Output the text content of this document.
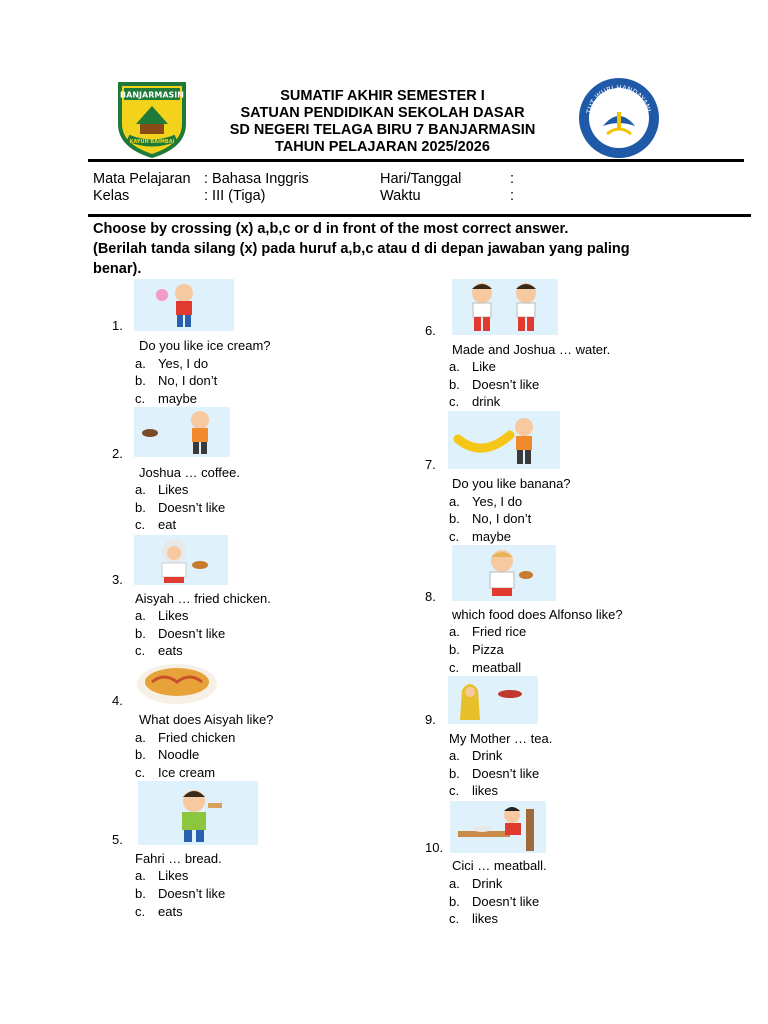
BANJARMASIN
KAYUH BAIMBAI
TUT WURI HANDAYANI
SUMATIF AKHIR SEMESTER I
SATUAN PENDIDIKAN SEKOLAH DASAR
SD NEGERI TELAGA BIRU 7 BANJARMASIN
TAHUN PELAJARAN 2025/2026
Mata Pelajaran : Bahasa Inggris	Hari/Tanggal	:
Kelas	: III (Tiga)	Waktu	:
Choose by crossing (x) a,b,c or d in front of the most correct answer.
(Berilah tanda silang (x) pada huruf a,b,c atau d di depan jawaban yang paling
benar).
1.
Do you like ice cream?
a. Yes, I do
b. No, I don’t
c. maybe
2.
Joshua … coffee.
a. Likes
b. Doesn’t like
c. eat
3.
Aisyah … fried chicken.
a. Likes
b. Doesn’t like
c. eats
4.
What does Aisyah like?
a. Fried chicken
b. Noodle
c. Ice cream
5.
Fahri … bread.
a. Likes
b. Doesn’t like
c. eats
6.
Made and Joshua … water.
a. Like
b. Doesn’t like
c. drink
7.
Do you like banana?
a. Yes, I do
b. No, I don’t
c. maybe
8.
which food does Alfonso like?
a. Fried rice
b. Pizza
c. meatball
9.
My Mother … tea.
a. Drink
b. Doesn’t like
c. likes
10.
Cici … meatball.
a. Drink
b. Doesn’t like
c. likes
